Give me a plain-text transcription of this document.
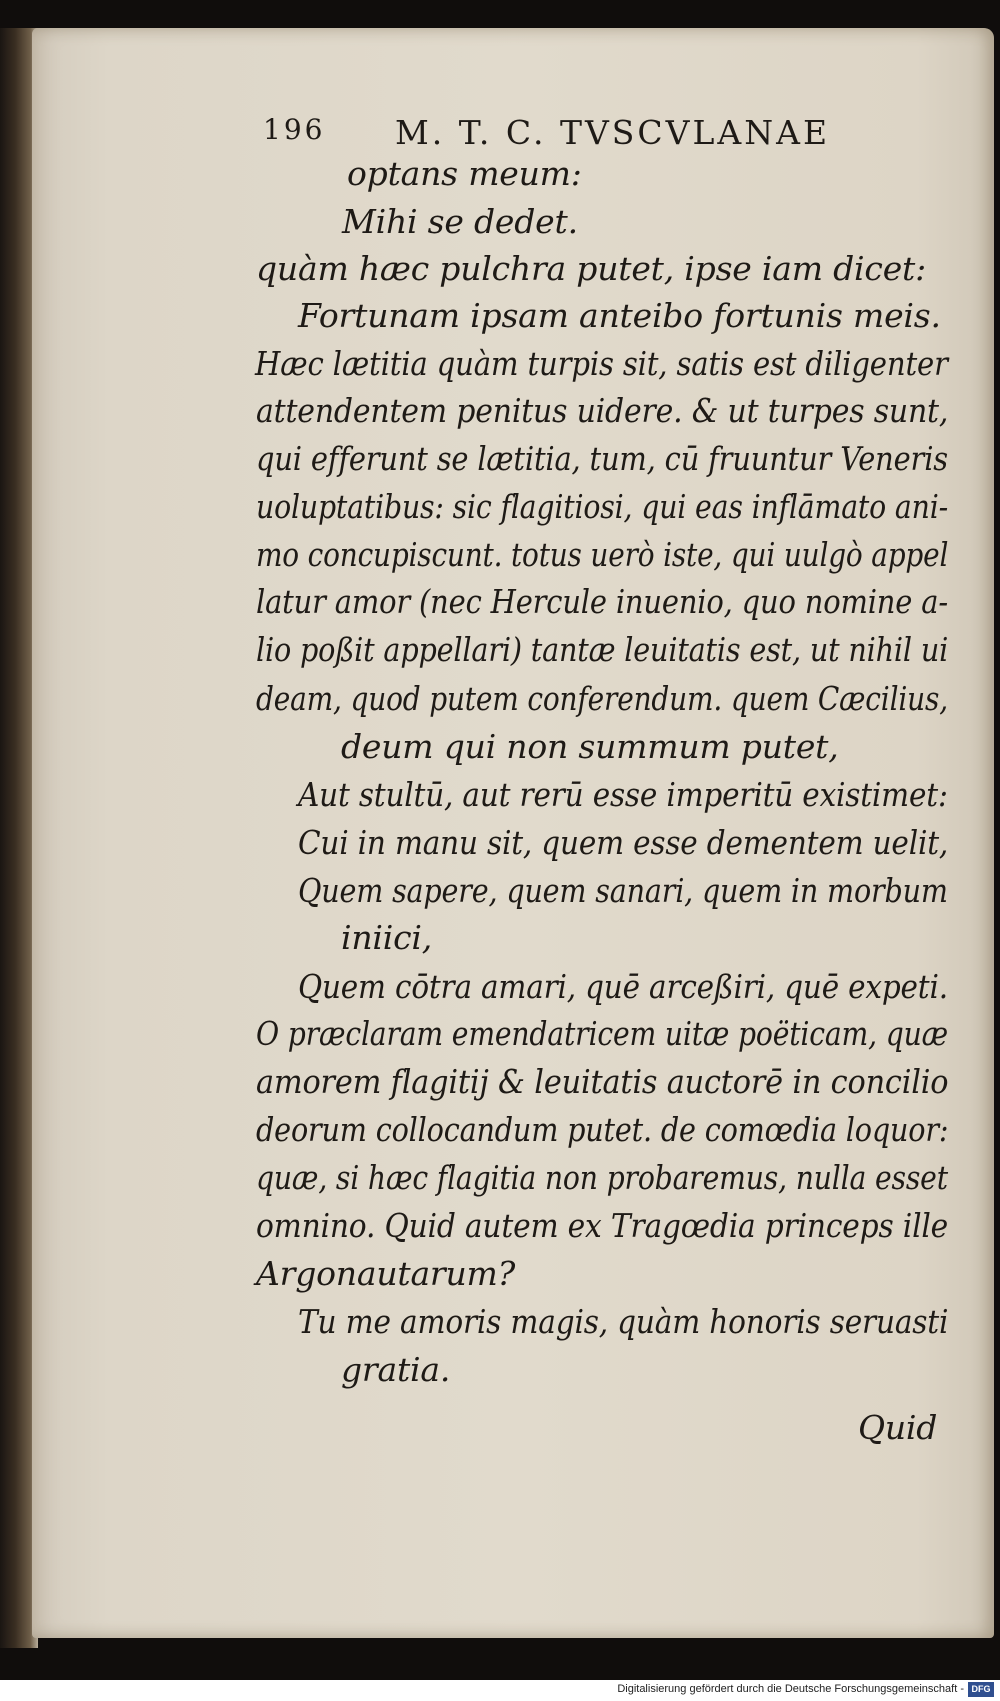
196 M. T. C. TVSCVLANAE
optans meum:
Mihi se dedet.
quàm hæc pulchra putet, ipse iam dicet:
Fortunam ipsam anteibo fortunis meis.
Hæc lætitia quàm turpis sit, satis est diligenter
attendentem penitus uidere. & ut turpes sunt,
qui efferunt se lætitia, tum, cū fruuntur Veneris
uoluptatibus: sic flagitiosi, qui eas inflāmato ani-
mo concupiscunt. totus uerò iste, qui uulgò appel
latur amor (nec Hercule inuenio, quo nomine a-
lio poßit appellari) tantæ leuitatis est, ut nihil ui
deam, quod putem conferendum. quem Cæcilius,
deum qui non summum putet,
Aut stultū, aut rerū esse imperitū existimet:
Cui in manu sit, quem esse dementem uelit,
Quem sapere, quem sanari, quem in morbum
iniici,
Quem cōtra amari, quē arceßiri, quē expeti.
O præclaram emendatricem uitæ poëticam, quæ
amorem flagitij & leuitatis auctorē in concilio
deorum collocandum putet. de comœdia loquor:
quæ, si hæc flagitia non probaremus, nulla esset
omnino. Quid autem ex Tragœdia princeps ille
Argonautarum?
Tu me amoris magis, quàm honoris seruasti
gratia.
Quid
Digitalisierung gefördert durch die Deutsche Forschungsgemeinschaft - DFG
